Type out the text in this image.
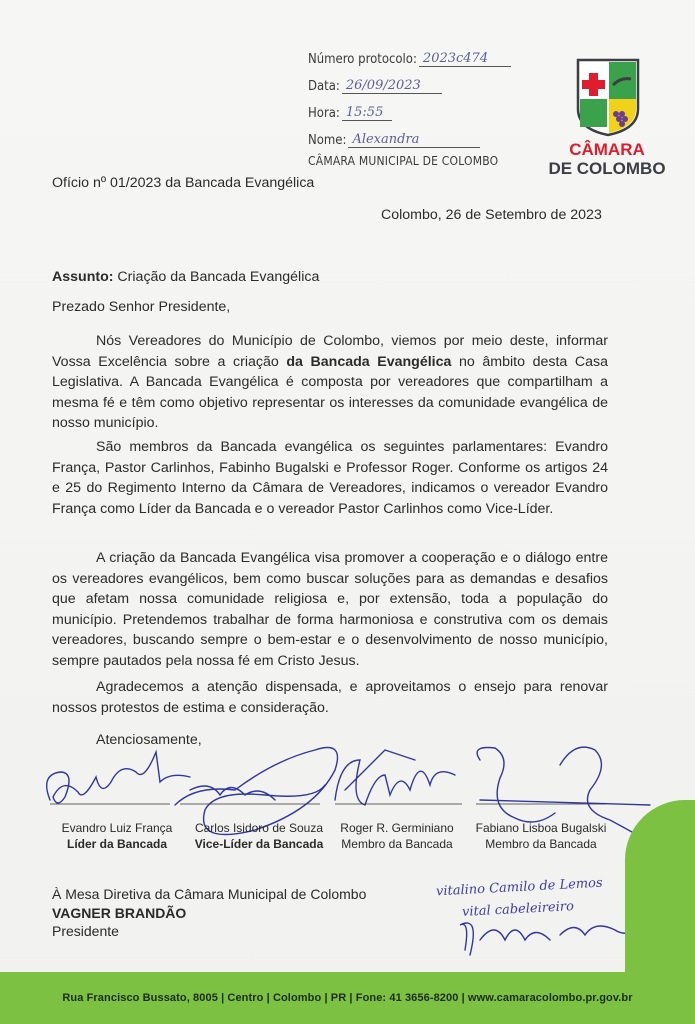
Número protocolo: 2023c474
Data: 26/09/2023
Hora: 15:55
Nome: Alexandra
CÂMARA MUNICIPAL DE COLOMBO
CÂMARA
DE COLOMBO
Ofício nº 01/2023 da Bancada Evangélica
Colombo, 26 de Setembro de 2023
Assunto: Criação da Bancada Evangélica
Prezado Senhor Presidente,
Nós Vereadores do Município de Colombo, viemos por meio deste, informar Vossa Excelência sobre a criação da Bancada Evangélica no âmbito desta Casa Legislativa. A Bancada Evangélica é composta por vereadores que compartilham a mesma fé e têm como objetivo representar os interesses da comunidade evangélica de nosso município.
São membros da Bancada evangélica os seguintes parlamentares: Evandro França, Pastor Carlinhos, Fabinho Bugalski e Professor Roger. Conforme os artigos 24 e 25 do Regimento Interno da Câmara de Vereadores, indicamos o vereador Evandro França como Líder da Bancada e o vereador Pastor Carlinhos como Vice-Líder.
A criação da Bancada Evangélica visa promover a cooperação e o diálogo entre os vereadores evangélicos, bem como buscar soluções para as demandas e desafios que afetam nossa comunidade religiosa e, por extensão, toda a população do município. Pretendemos trabalhar de forma harmoniosa e construtiva com os demais vereadores, buscando sempre o bem-estar e o desenvolvimento de nosso município, sempre pautados pela nossa fé em Cristo Jesus.
Agradecemos a atenção dispensada, e aproveitamos o ensejo para renovar nossos protestos de estima e consideração.
Atenciosamente,
Evandro Luiz França
Líder da Bancada
Carlos Isidoro de Souza
Vice-Líder da Bancada
Roger R. Germiniano
Membro da Bancada
Fabiano Lisboa Bugalski
Membro da Bancada
vitalino Camilo de Lemos
vital cabeleireiro
À Mesa Diretiva da Câmara Municipal de Colombo
VAGNER BRANDÃO
Presidente
Rua Francisco Bussato, 8005 | Centro | Colombo | PR | Fone: 41 3656-8200 | www.camaracolombo.pr.gov.br
